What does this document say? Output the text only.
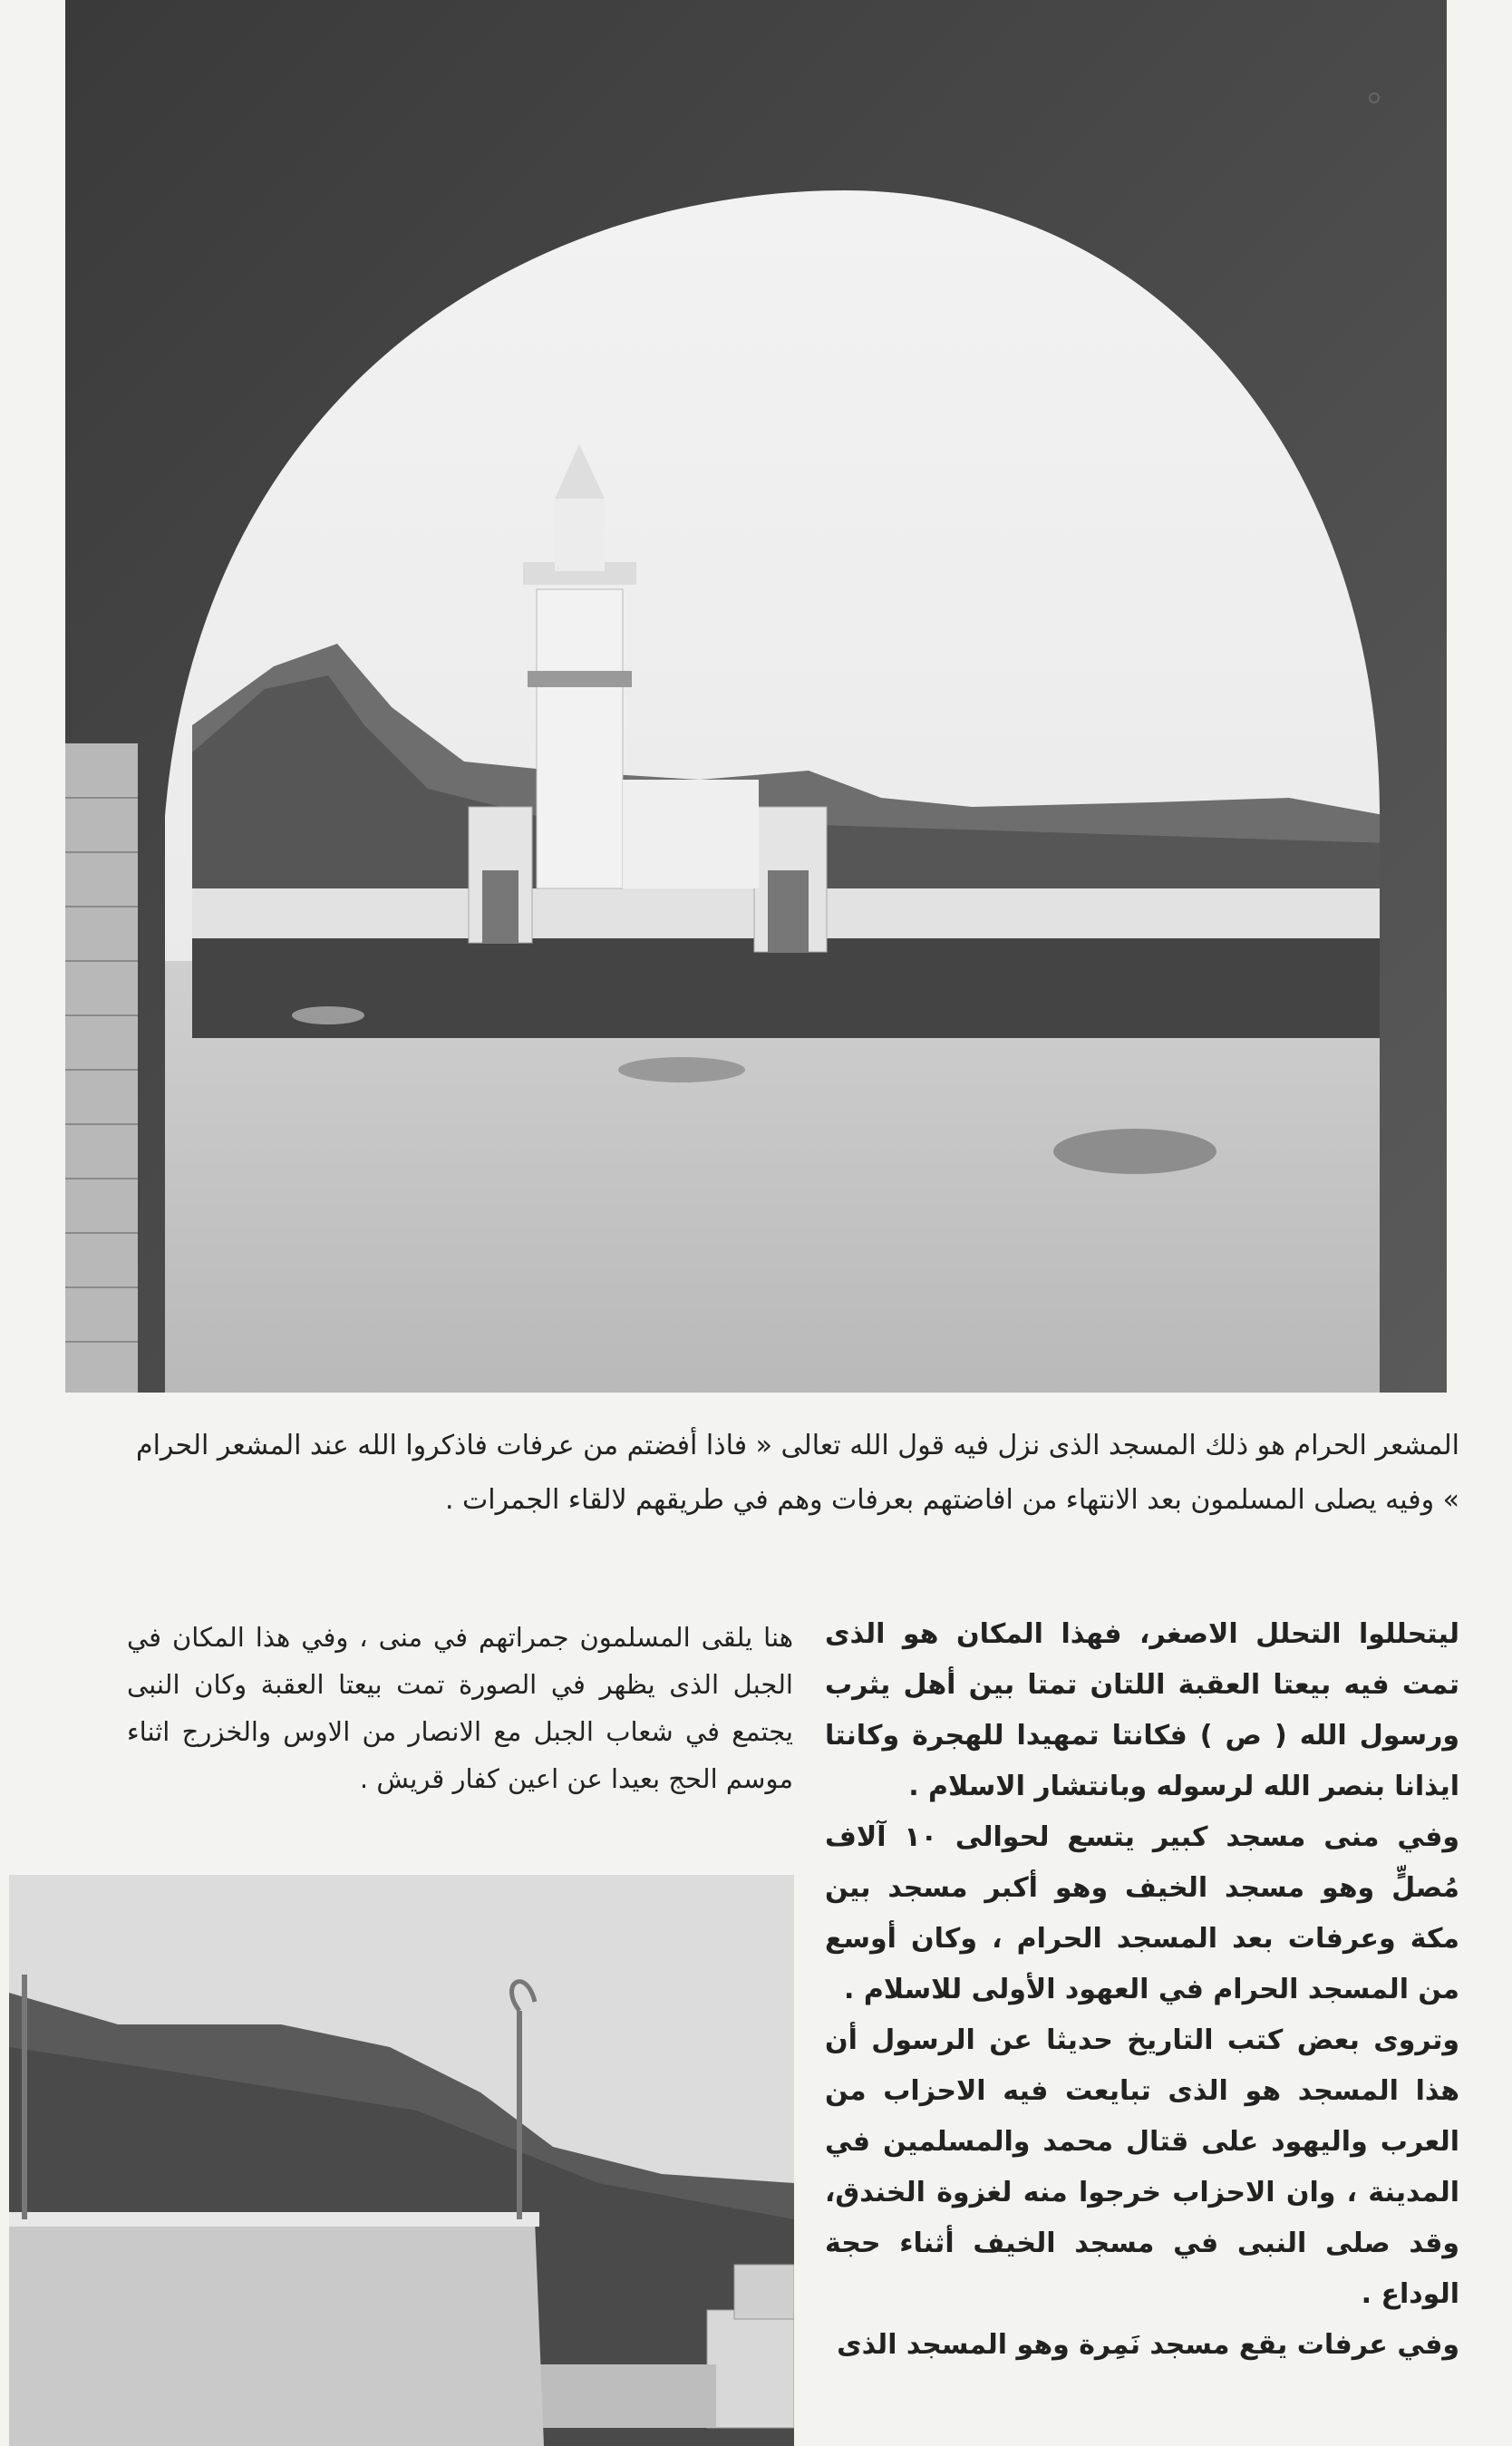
المشعر الحرام هو ذلك المسجد الذى نزل فيه قول الله تعالى « فاذا أفضتم من عرفات فاذكروا الله عند المشعر الحرام » وفيه يصلى المسلمون بعد الانتهاء من افاضتهم بعرفات وهم في طريقهم لالقاء الجمرات .
هنا يلقى المسلمون جمراتهم في منى ، وفي هذا المكان في الجبل الذى يظهر في الصورة تمت بيعتا العقبة وكان النبى يجتمع في شعاب الجبل مع الانصار من الاوس والخزرج اثناء موسم الحج بعيدا عن اعين كفار قريش .

ليتحللوا التحلل الاصغر، فهذا المكان هو الذى تمت فيه بيعتا العقبة اللتان تمتا بين أهل يثرب ورسول الله ( ص ) فكانتا تمهيدا للهجرة وكانتا ايذانا بنصر الله لرسوله وبانتشار الاسلام .

وفي منى مسجد كبير يتسع لحوالى ١٠ آلاف مُصلٍّ وهو مسجد الخيف وهو أكبر مسجد بين مكة وعرفات بعد المسجد الحرام ، وكان أوسع من المسجد الحرام في العهود الأولى للاسلام .

وتروى بعض كتب التاريخ حديثا عن الرسول أن هذا المسجد هو الذى تبايعت فيه الاحزاب من العرب واليهود على قتال محمد والمسلمين في المدينة ، وان الاحزاب خرجوا منه لغزوة الخندق، وقد صلى النبى في مسجد الخيف أثناء حجة الوداع .

وفي عرفات يقع مسجد نَمِرة وهو المسجد الذى
